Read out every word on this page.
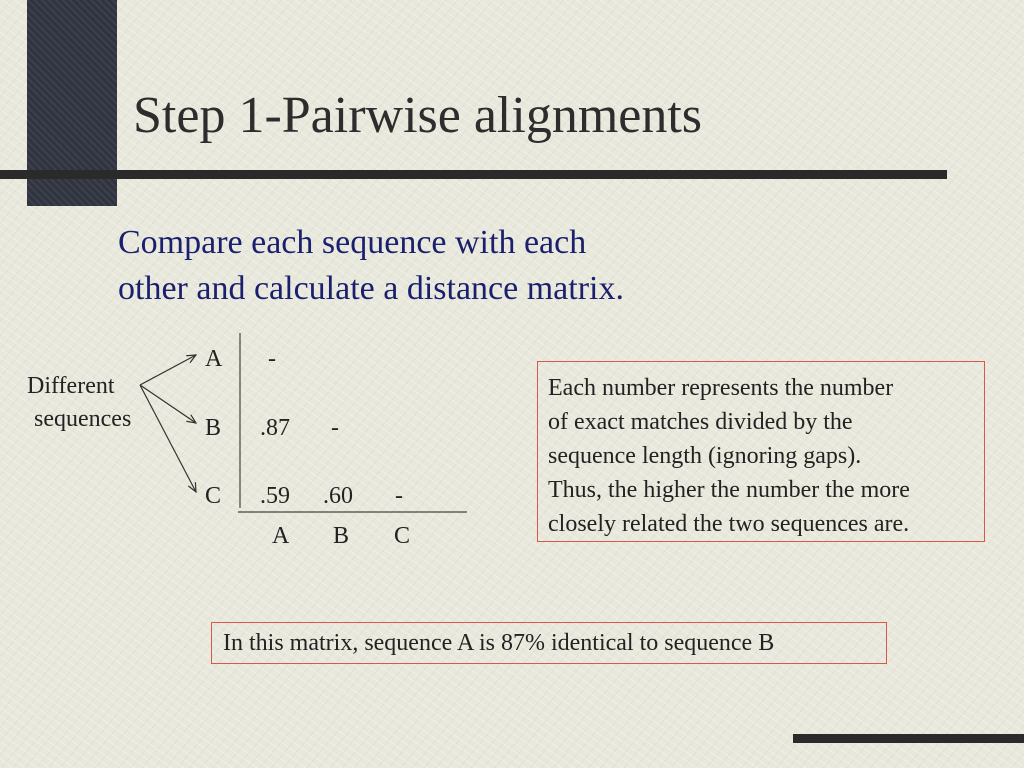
Step 1-Pairwise alignments
Compare each sequence with each
other and calculate a distance matrix.
Different
sequences
A
B
C
-
.87 -
.59 .60 -
A B C
Each number represents the number
of exact matches divided by the
sequence length (ignoring gaps).
Thus, the higher the number the more
closely related the two sequences are.
In this matrix, sequence A is 87% identical to sequence B
